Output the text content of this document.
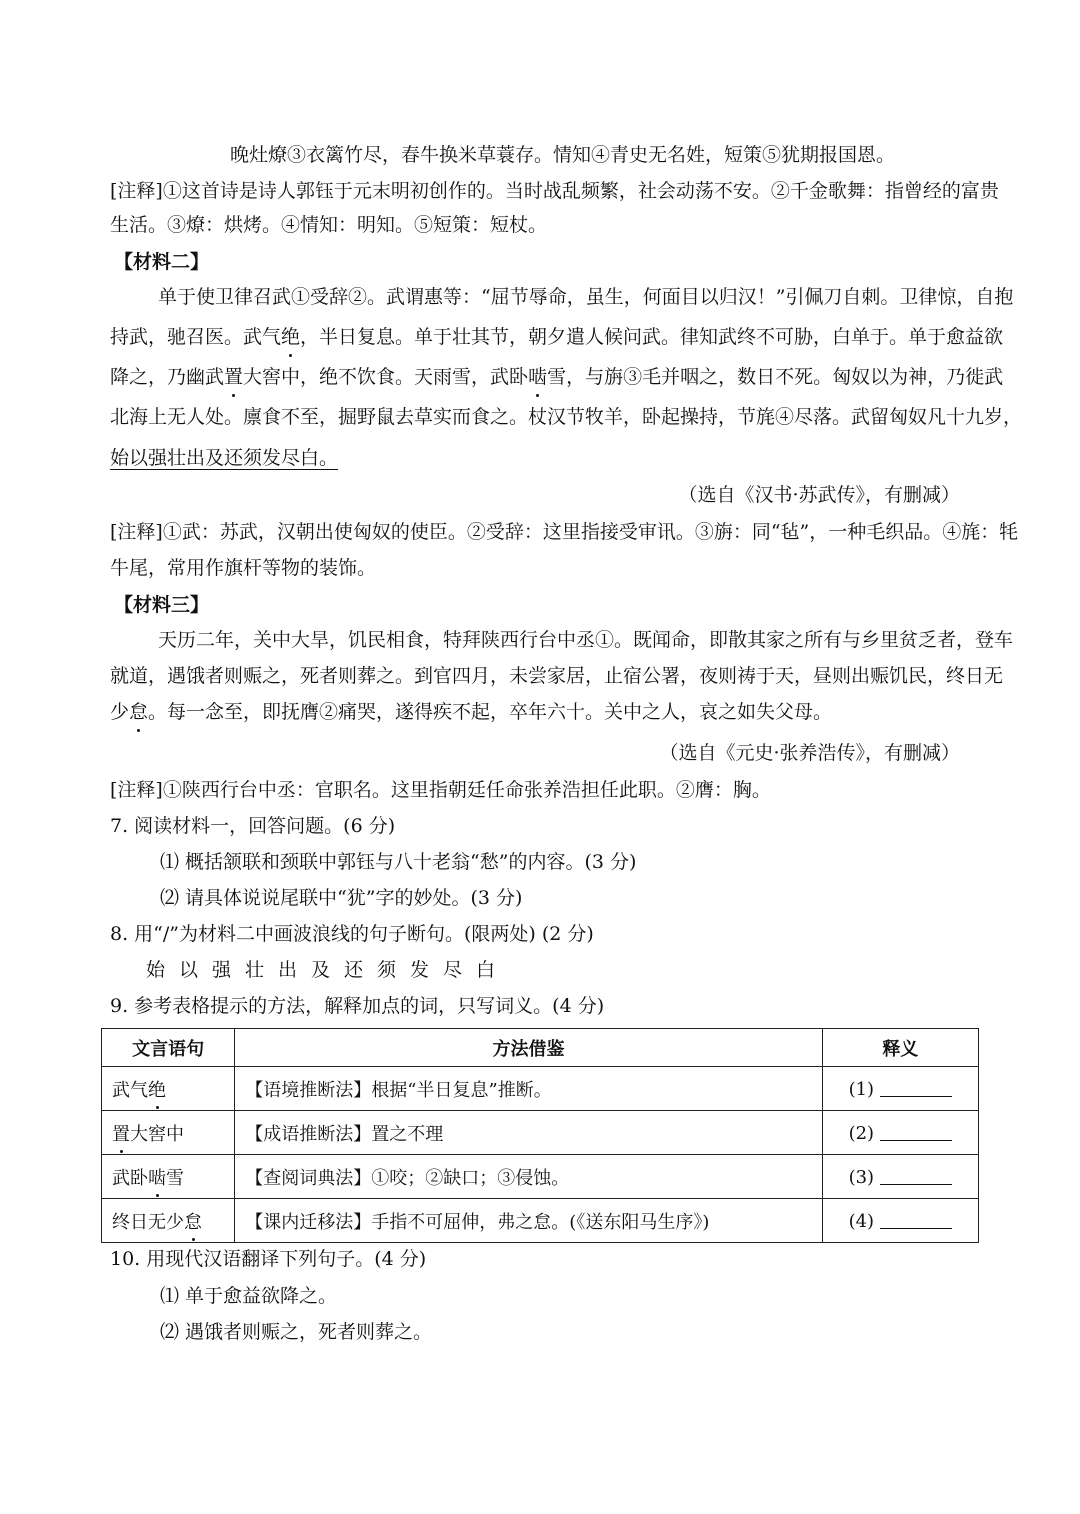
晚灶燎③衣篱竹尽，春牛换米草蓑存。情知④青史无名姓，短策⑤犹期报国恩。
[注释]①这首诗是诗人郭钰于元末明初创作的。当时战乱频繁，社会动荡不安。②千金歌舞：指曾经的富贵
生活。③燎：烘烤。④情知：明知。⑤短策：短杖。
【材料二】
单于使卫律召武①受辞②。武谓惠等：“屈节辱命，虽生，何面目以归汉！”引佩刀自刺。卫律惊，自抱
持武，驰召医。武气绝，半日复息。单于壮其节，朝夕遣人候问武。律知武终不可胁，白单于。单于愈益欲
降之，乃幽武置大窖中，绝不饮食。天雨雪，武卧啮雪，与旃③毛并咽之，数日不死。匈奴以为神，乃徙武
北海上无人处。廪食不至，掘野鼠去草实而食之。杖汉节牧羊，卧起操持，节旄④尽落。武留匈奴凡十九岁，
始以强壮出及还须发尽白。
（选自《汉书·苏武传》，有删减）
[注释]①武：苏武，汉朝出使匈奴的使臣。②受辞：这里指接受审讯。③旃：同“毡”，一种毛织品。④旄：牦
牛尾，常用作旗杆等物的装饰。
【材料三】
天历二年，关中大旱，饥民相食，特拜陕西行台中丞①。既闻命，即散其家之所有与乡里贫乏者，登车
就道，遇饿者则赈之，死者则葬之。到官四月，未尝家居，止宿公署，夜则祷于天，昼则出赈饥民，终日无
少怠。每一念至，即抚膺②痛哭，遂得疾不起，卒年六十。关中之人，哀之如失父母。
（选自《元史·张养浩传》，有删减）
[注释]①陕西行台中丞：官职名。这里指朝廷任命张养浩担任此职。②膺：胸。
7. 阅读材料一，回答问题。(6 分)
⑴ 概括颔联和颈联中郭钰与八十老翁“愁”的内容。(3 分)
⑵ 请具体说说尾联中“犹”字的妙处。(3 分)
8. 用“/”为材料二中画波浪线的句子断句。(限两处) (2 分)
始以强壮出及还须发尽白
9. 参考表格提示的方法，解释加点的词，只写词义。(4 分)
文言语句	方法借鉴	释义
武气绝	【语境推断法】根据“半日复息”推断。	(1)
置大窖中	【成语推断法】置之不理	(2)
武卧啮雪	【查阅词典法】①咬；②缺口；③侵蚀。	(3)
终日无少怠	【课内迁移法】手指不可屈伸，弗之怠。(《送东阳马生序》)	(4)
10. 用现代汉语翻译下列句子。(4 分)
⑴ 单于愈益欲降之。
⑵ 遇饿者则赈之，死者则葬之。
